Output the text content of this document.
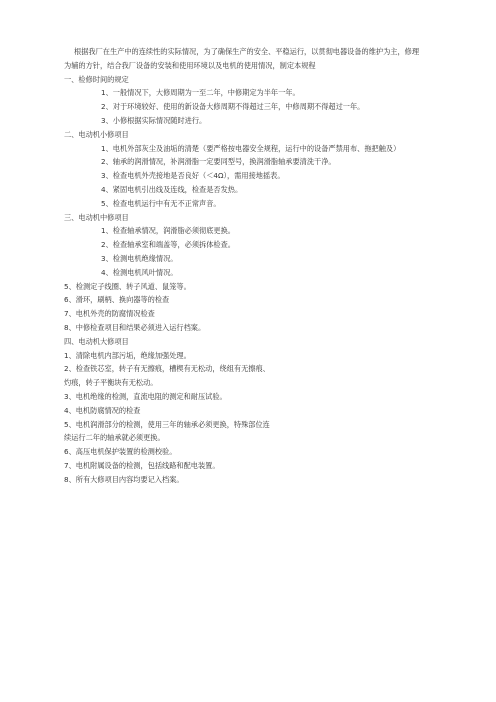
根据我厂在生产中的连续性的实际情况，为了确保生产的安全、平稳运行，以贯彻电器设备的维护为主，修理为辅的方针，结合我厂设备的安装和使用环境以及电机的使用情况，制定本规程
一、检修时间的规定
1、一般情况下，大修周期为一至二年，中修期定为半年一年。
2、对于环境较好、使用的新设备大修周期不得超过三年，中修周期不得超过一年。
3、小修根据实际情况随时进行。
二、电动机小修项目
1、电机外部灰尘及油垢的清楚（要严格按电器安全规程，运行中的设备严禁用布、拖把触及）
2、轴承的润滑情况，补润滑脂一定要同型号，换润滑脂轴承要清洗干净。
3、检查电机外壳接地是否良好（＜4Ω），需用接地摇表。
4、紧固电机引出线及连线，检查是否发热。
5、检查电机运行中有无不正常声音。
三、电动机中修项目
1、检查轴承情况，润滑脂必须彻底更换。
2、检查轴承室和端盖等，必须拆体检查。
3、检测电机绝缘情况。
4、检测电机风叶情况。
5、检测定子线圈、转子风道、鼠笼等。
6、滑环，刷柄、换向器等的检查
7、电机外壳的防腐情况检查
8、中修检查项目和结果必须进入运行档案。
四、电动机大修项目
1、清除电机内部污垢，绝缘加强处理。
2、检查铁芯室，转子有无擦痕，槽楔有无松动，绕组有无擦痕、灼痕，转子平衡块有无松动。
3、电机绝缘的检测，直流电阻的测定和耐压试验。
4、电机防腐情况的检查
5、电机润滑部分的检测，使用三年的轴承必须更换，特殊部位连续运行二年的轴承就必须更换。
6、高压电机保护装置的检测校验。
7、电机附属设备的检测，包括线路和配电装置。
8、所有大修项目内容均要记入档案。
